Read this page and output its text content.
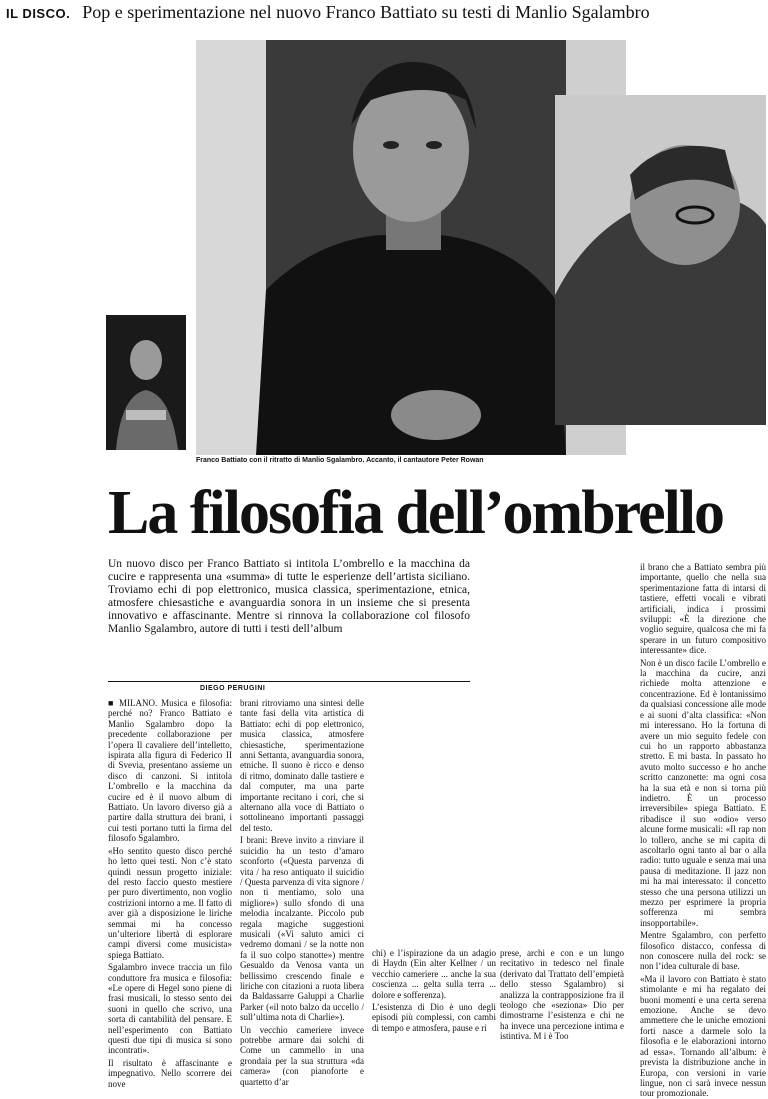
IL DISCO. Pop e sperimentazione nel nuovo Franco Battiato su testi di Manlio Sgalambro
Franco Battiato con il ritratto di Manlio Sgalambro. Accanto, il cantautore Peter Rowan
La filosofia dell’ombrello
Un nuovo disco per Franco Battiato si intitola L’ombrello e la macchina da cucire e rappresenta una «summa» di tutte le esperienze dell’artista siciliano. Troviamo echi di pop elettronico, musica classica, sperimentazione, etnica, atmosfere chiesastiche e avanguardia sonora in un insieme che si presenta innovativo e affascinante. Mentre si rinnova la collaborazione col filosofo Manlio Sgalambro, autore di tutti i testi dell’album
DIEGO PERUGINI

■ MILANO. Musica e filosofia: perché no? Franco Battiato e Manlio Sgalambro dopo la precedente collaborazione per l’opera Il cavaliere dell’intelletto, ispirata alla figura di Federico II di Svevia, presentano assieme un disco di canzoni. Si intitola L’ombrello e la macchina da cucire ed è il nuovo album di Battiato. Un lavoro diverso già a partire dalla struttura dei brani, i cui testi portano tutti la firma del filosofo Sgalambro.

«Ho sentito questo disco perché ho letto quei testi. Non c’è stato quindi nessun progetto iniziale: del resto faccio questo mestiere per puro divertimento, non voglio costrizioni intorno a me. Il fatto di aver già a disposizione le liriche semmai mi ha concesso un’ulteriore libertà di esplorare campi diversi come musicista» spiega Battiato.

Sgalambro invece traccia un filo conduttore fra musica e filosofia: «Le opere di Hegel sono piene di frasi musicali, lo stesso sento dei suoni in quello che scrivo, una sorta di cantabilità del pensare. E nell’esperimento con Battiato questi due tipi di musica si sono incontrati».

Il risultato è affascinante e impegnativo. Nello scorrere dei nove

brani ritroviamo una sintesi delle tante fasi della vita artistica di Battiato: echi di pop elettronico, musica classica, atmosfere chiesastiche, sperimentazione anni Settanta, avanguardia sonora, etniche. Il suono è ricco e denso di ritmo, dominato dalle tastiere e dal computer, ma una parte importante recitano i cori, che si alternano alla voce di Battiato o sottolineano importanti passaggi del testo.

I brani: Breve invito a rinviare il suicidio ha un testo d’amaro sconforto («Questa parvenza di vita / ha reso antiquato il suicidio / Questa parvenza di vita signore / non ti mentiamo, solo una migliore») sullo sfondo di una melodia incalzante. Piccolo pub regala magiche suggestioni musicali («Vi saluto amici ci vedremo domani / se la notte non fa il suo colpo stanotte») mentre Gesualdo da Venosa vanta un bellissimo crescendo finale e liriche con citazioni a ruota libera da Baldassarre Galuppi a Charlie Parker («il noto balzo da uccello / sull’ultima nota di Charlie»).

Un vecchio cameriere invece potrebbe armare dai solchi di Come un cammello in una grondaia per la sua struttura «da camera» (con pianoforte e quartetto d’ar

chi) e l’ispirazione da un adagio di Haydn (Ein alter Kellner / un vecchio cameriere ... anche la sua coscienza ... gelta sulla terra ... dolore e sofferenza).

L’esistenza di Dio è uno degli episodi più complessi, con cambi di tempo e atmosfera, pause e ri

prese, archi e con e un lungo recitativo in tedesco nel finale (derivato dal Trattato dell’empietà dello stesso Sgalambro) si analizza la contrapposizione fra il teologo che «seziona» Dio per dimostrarne l’esistenza e chi ne ha invece una percezione intima e istintiva. M i è Too

il brano che a Battiato sembra più importante, quello che nella sua sperimentazione fatta di intarsi di tastiere, effetti vocali e vibrati artificiali, indica i prossimi sviluppi: «È la direzione che voglio seguire, qualcosa che mi fa sperare in un futuro compositivo interessante» dice.

Non è un disco facile L’ombrello e la macchina da cucire, anzi richiede molta attenzione e concentrazione. Ed è lontanissimo da qualsiasi concessione alle mode e ai suoni d’alta classifica: «Non mi interessano. Ho la fortuna di avere un mio seguito fedele con cui ho un rapporto abbastanza stretto. E mi basta. In passato ho avuto molto successo e ho anche scritto canzonette: ma ogni cosa ha la sua età e non si torna più indietro. È un processo irreversibile» spiega Battiato. E ribadisce il suo «odio» verso alcune forme musicali: «Il rap non lo tollero, anche se mi capita di ascoltarlo ogni tanto al bar o alla radio: tutto uguale e senza mai una pausa di meditazione. Il jazz non mi ha mai interessato: il concetto stesso che una persona utilizzi un mezzo per esprimere la propria sofferenza mi sembra insopportabile».

Mentre Sgalambro, con perfetto filosofico distacco, confessa di non conoscere nulla del rock: se non l’idea culturale di base.

«Ma il lavoro con Battiato è stato stimolante e mi ha regalato dei buoni momenti e una certa serena emozione. Anche se devo ammettere che le uniche emozioni forti nasce a darmele solo la filosofia e le elaborazioni intorno ad essa». Tornando all’album: è prevista la distribuzione anche in Europa, con versioni in varie lingue, non ci sarà invece nessun tour promozionale.
